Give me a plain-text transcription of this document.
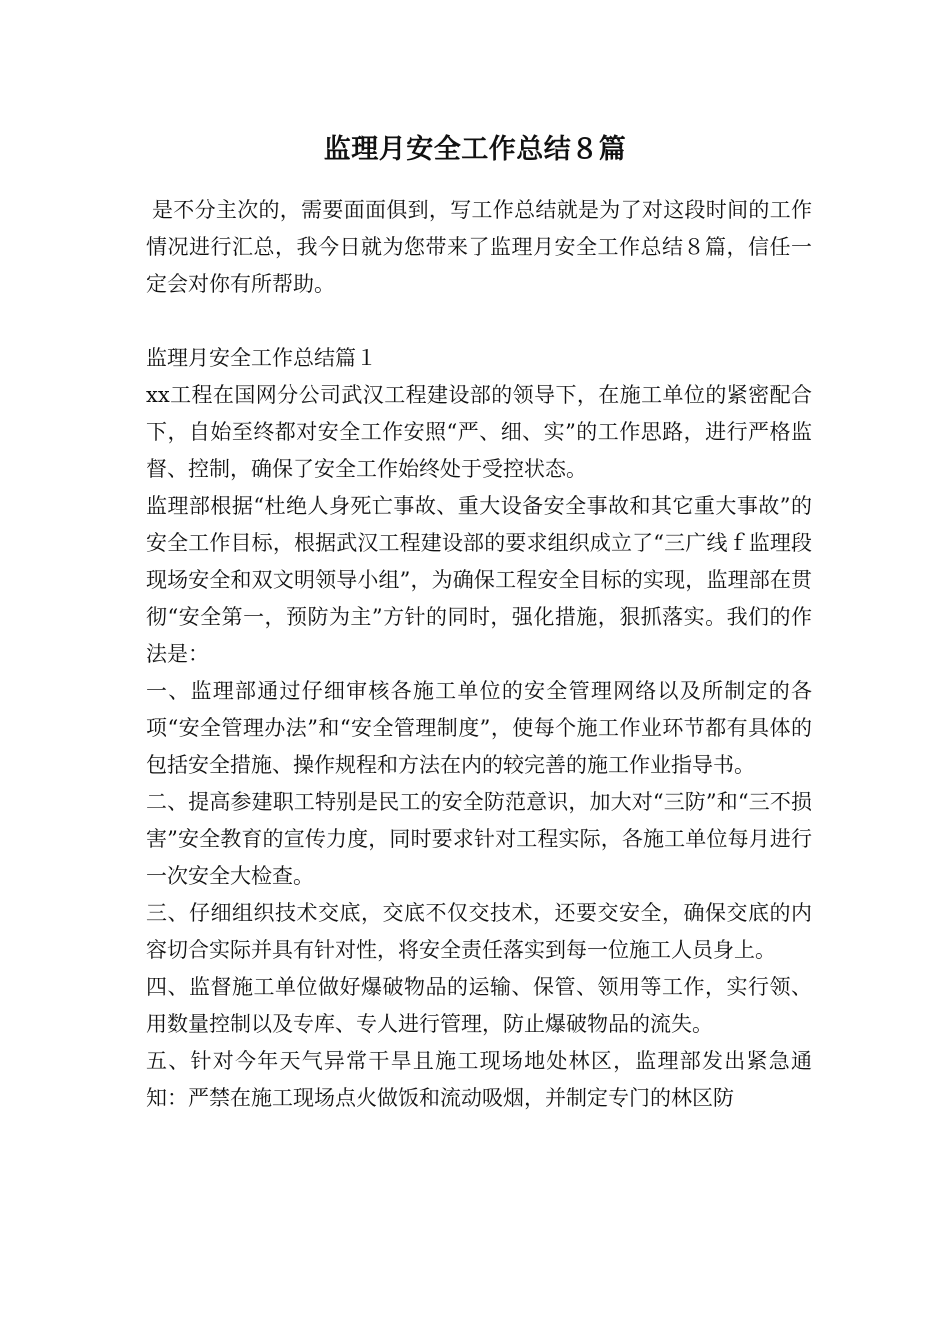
监理月安全工作总结８篇

是不分主次的，需要面面俱到，写工作总结就是为了对这段时间的工作情况进行汇总，我今日就为您带来了监理月安全工作总结８篇，信任一定会对你有所帮助。

监理月安全工作总结篇１

xx工程在国网分公司武汉工程建设部的领导下，在施工单位的紧密配合下，自始至终都对安全工作安照“严、细、实”的工作思路，进行严格监督、控制，确保了安全工作始终处于受控状态。

监理部根据“杜绝人身死亡事故、重大设备安全事故和其它重大事故”的安全工作目标，根据武汉工程建设部的要求组织成立了“三广线ｆ监理段现场安全和双文明领导小组”，为确保工程安全目标的实现，监理部在贯彻“安全第一，预防为主”方针的同时，强化措施，狠抓落实。我们的作法是：

一、监理部通过仔细审核各施工单位的安全管理网络以及所制定的各项“安全管理办法”和“安全管理制度”，使每个施工作业环节都有具体的包括安全措施、操作规程和方法在内的较完善的施工作业指导书。

二、提高参建职工特别是民工的安全防范意识，加大对“三防”和“三不损害”安全教育的宣传力度，同时要求针对工程实际，各施工单位每月进行一次安全大检查。

三、仔细组织技术交底，交底不仅交技术，还要交安全，确保交底的内容切合实际并具有针对性，将安全责任落实到每一位施工人员身上。

四、监督施工单位做好爆破物品的运输、保管、领用等工作，实行领、用数量控制以及专库、专人进行管理，防止爆破物品的流失。

五、针对今年天气异常干旱且施工现场地处林区，监理部发出紧急通知：严禁在施工现场点火做饭和流动吸烟，并制定专门的林区防
